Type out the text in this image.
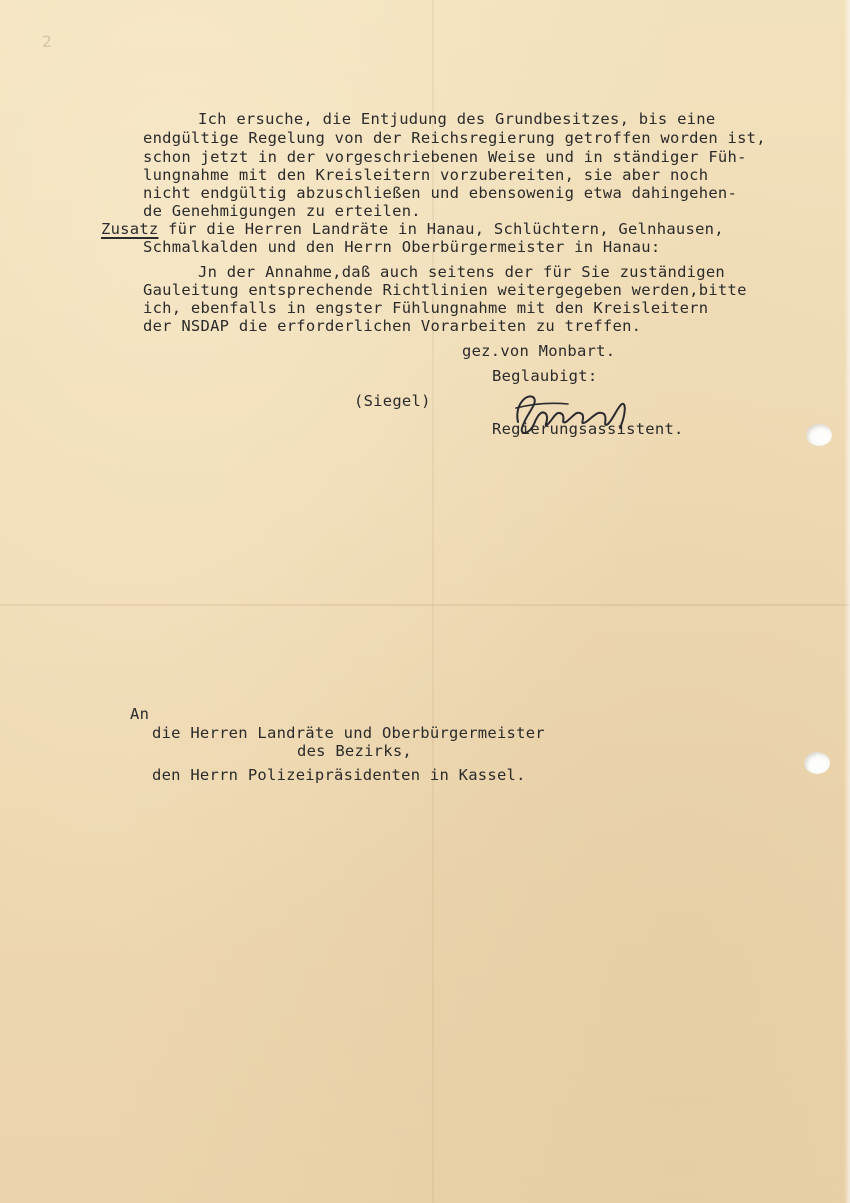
2
Ich ersuche, die Entjudung des Grundbesitzes, bis eine
endgültige Regelung von der Reichsregierung getroffen worden ist,
schon jetzt in der vorgeschriebenen Weise und in ständiger Füh-
lungnahme mit den Kreisleitern vorzubereiten, sie aber noch
nicht endgültig abzuschließen und ebensowenig etwa dahingehen-
de Genehmigungen zu erteilen.
Zusatz für die Herren Landräte in Hanau, Schlüchtern, Gelnhausen,
Schmalkalden und den Herrn Oberbürgermeister in Hanau:
Jn der Annahme,daß auch seitens der für Sie zuständigen
Gauleitung entsprechende Richtlinien weitergegeben werden,bitte
ich, ebenfalls in engster Fühlungnahme mit den Kreisleitern
der NSDAP die erforderlichen Vorarbeiten zu treffen.
gez.von Monbart.
Beglaubigt:
(Siegel)
Regierungsassistent.
An
die Herren Landräte und Oberbürgermeister
des Bezirks,
den Herrn Polizeipräsidenten in Kassel.
